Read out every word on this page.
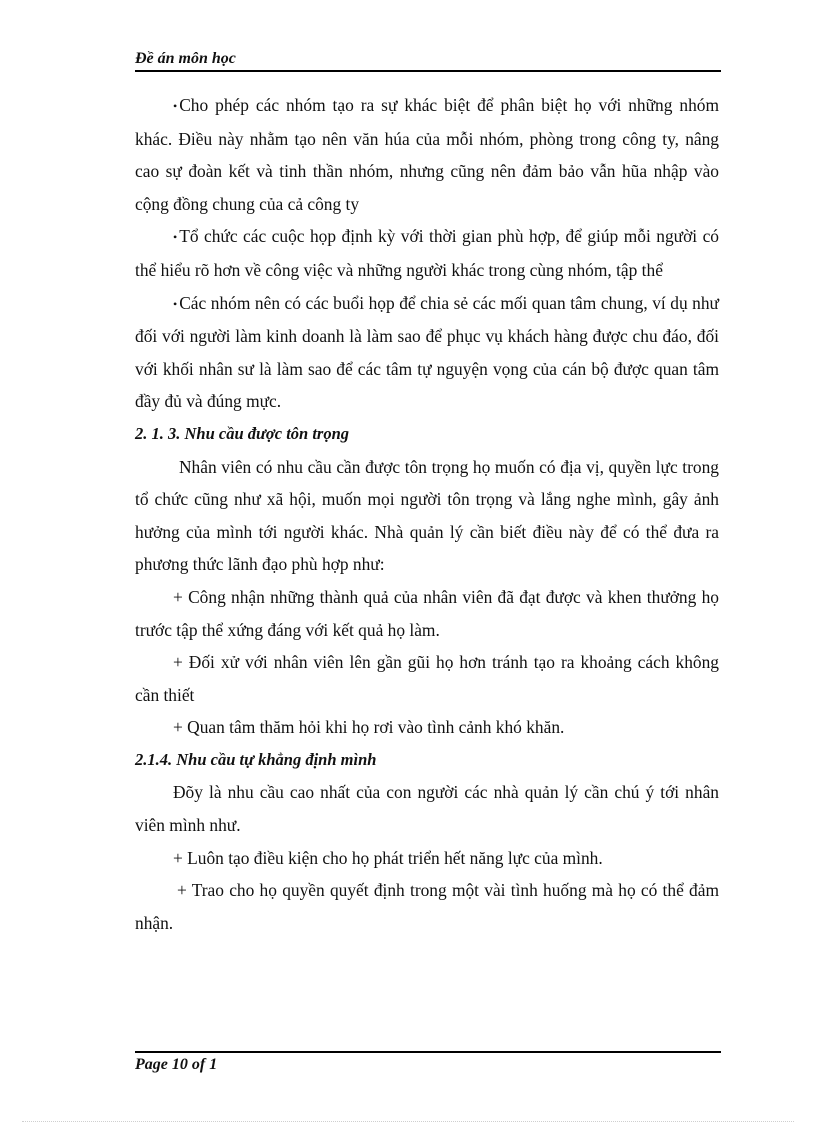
Đề án môn học

• Cho phép các nhóm tạo ra sự khác biệt để phân biệt họ với những nhóm khác. Điều này nhằm tạo nên văn húa của mỗi nhóm, phòng trong công ty, nâng cao sự đoàn kết và tinh thần nhóm, nhưng cũng nên đảm bảo vẫn hũa nhập vào cộng đồng chung của cả công ty

• Tổ chức các cuộc họp định kỳ với thời gian phù hợp, để giúp mỗi người có thể hiểu rõ hơn về công việc và những người khác trong cùng nhóm, tập thể

• Các nhóm nên có các buổi họp để chia sẻ các mối quan tâm chung, ví dụ như đối với người làm kinh doanh là làm sao để phục vụ khách hàng được chu đáo, đối với khối nhân sư là làm sao để các tâm tự nguyện vọng của cán bộ được quan tâm đầy đủ và đúng mực.

2. 1. 3. Nhu cầu được tôn trọng

Nhân viên có nhu cầu cần được tôn trọng họ muốn có địa vị, quyền lực trong tổ chức cũng như xã hội, muốn mọi người tôn trọng và lắng nghe mình, gây ảnh hưởng của mình tới người khác. Nhà quản lý cần biết điều này để có thể đưa ra phương thức lãnh đạo phù hợp như:

+ Công nhận những thành quả của nhân viên đã đạt được và khen thưởng họ trước tập thể xứng đáng với kết quả họ làm.

+ Đối xử với nhân viên lên gần gũi họ hơn tránh tạo ra khoảng cách không cần thiết

+ Quan tâm thăm hỏi khi họ rơi vào tình cảnh khó khăn.

2.1.4. Nhu cầu tự khẳng định mình

Đõy là nhu cầu cao nhất của con người các nhà quản lý cần chú ý tới nhân viên mình như.

+ Luôn tạo điều kiện cho họ phát triển hết năng lực của mình.

+ Trao cho họ quyền quyết định trong một vài tình huống mà họ có thể đảm nhận.

Page 10 of 1
